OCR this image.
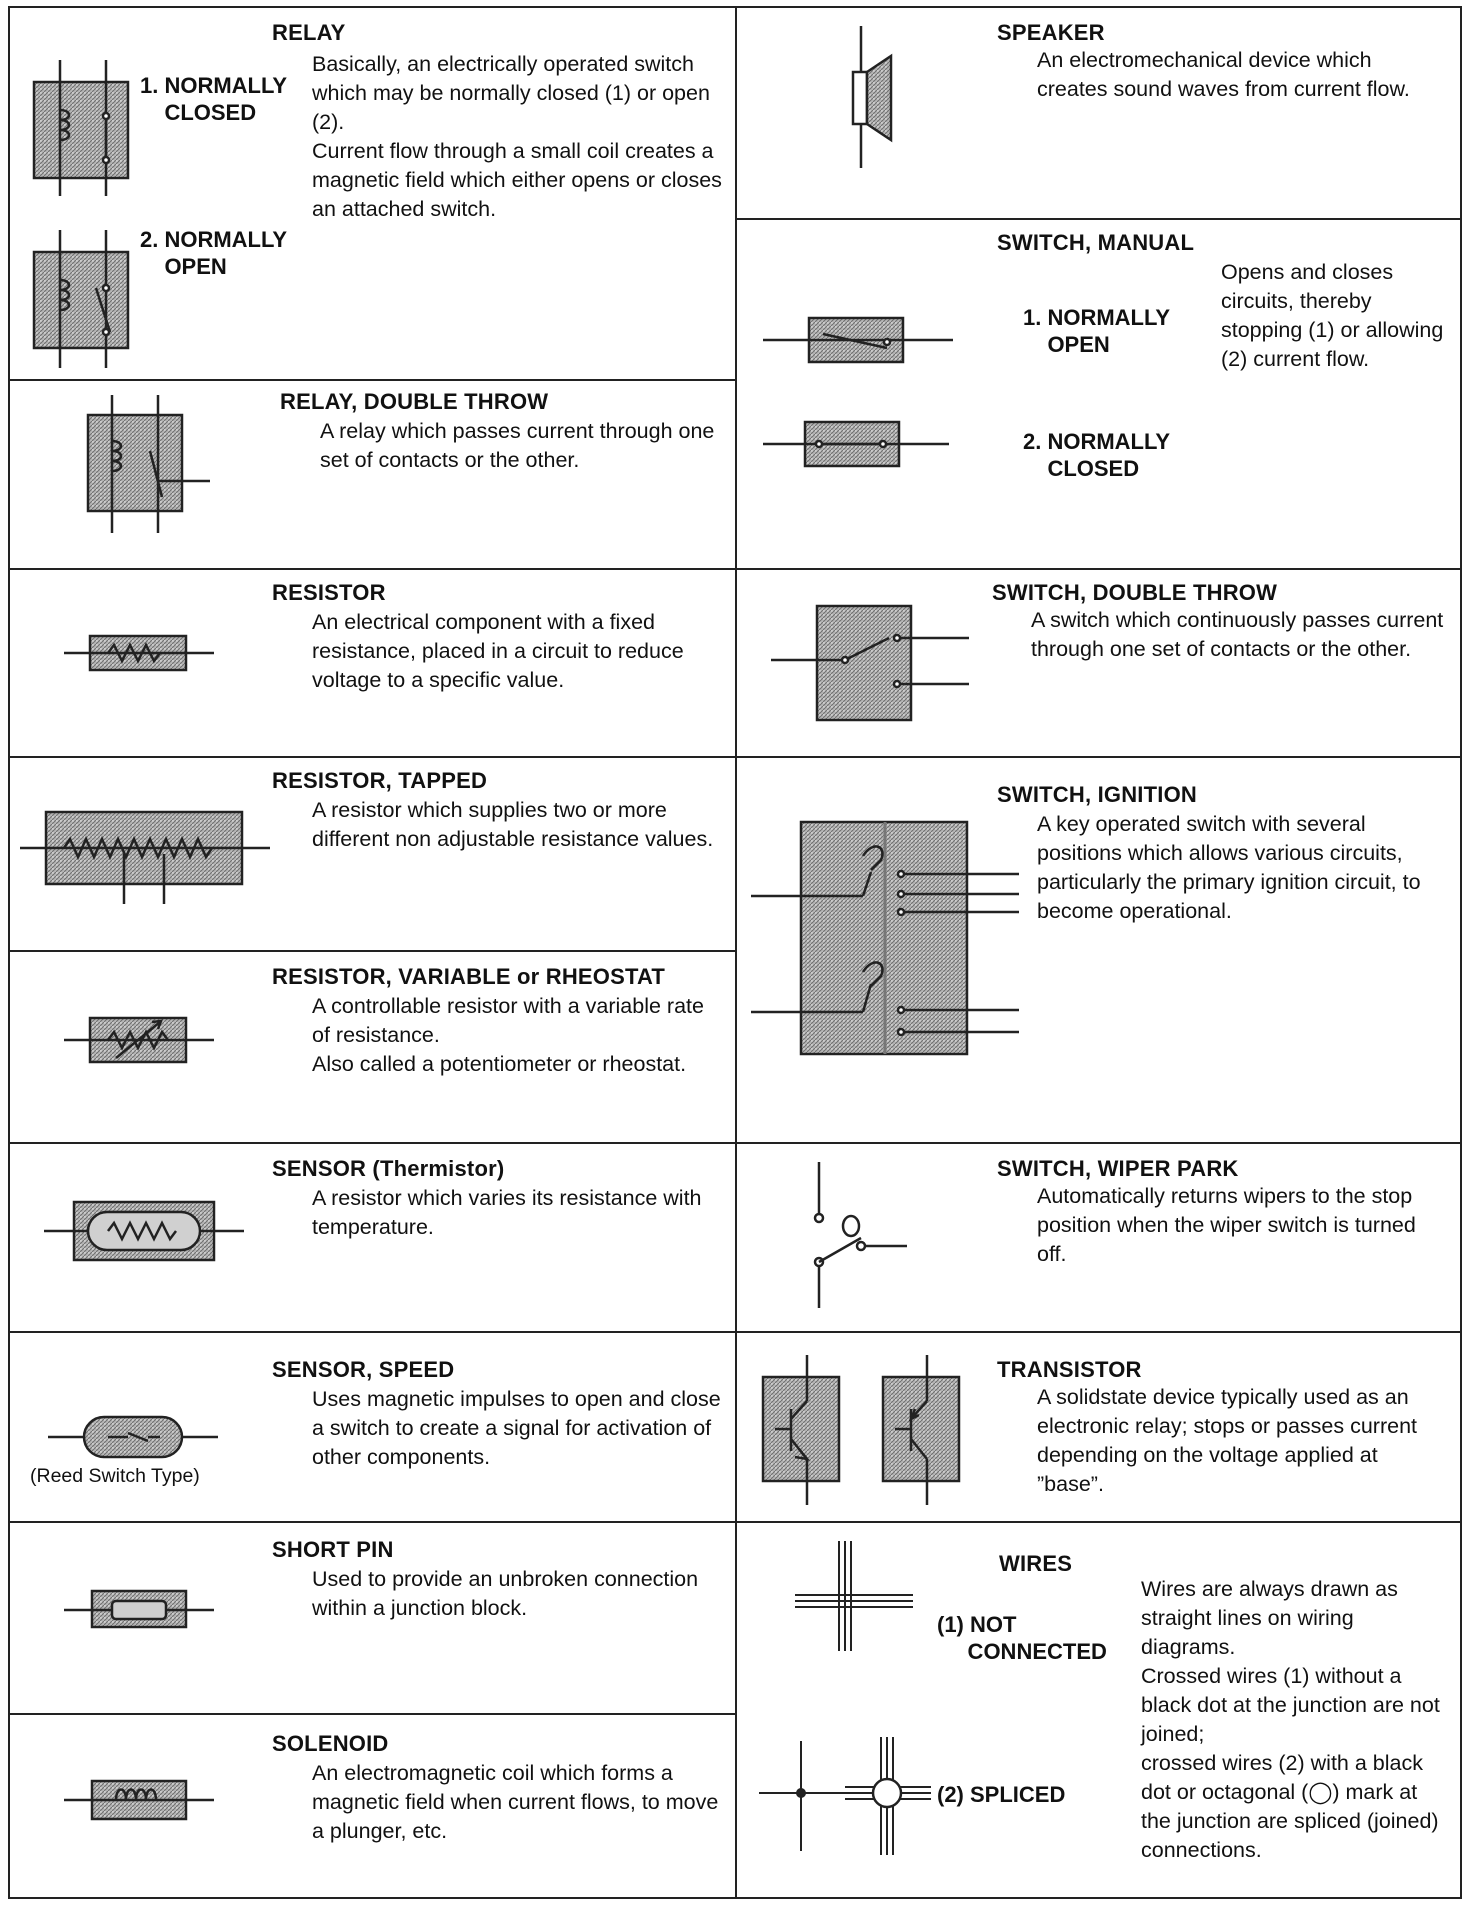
RELAY
1. NORMALLY
CLOSED
2. NORMALLY
OPEN
Basically, an electrically operated switch which may be normally closed (1) or open (2).
Current flow through a small coil creates a magnetic field which either opens or closes an attached switch.
RELAY, DOUBLE THROW
A relay which passes current through one set of contacts or the other.
RESISTOR
An electrical component with a fixed resistance, placed in a circuit to reduce voltage to a specific value.
RESISTOR, TAPPED
A resistor which supplies two or more different non adjustable resistance values.
RESISTOR, VARIABLE or RHEOSTAT
A controllable resistor with a variable rate of resistance.
Also called a potentiometer or rheostat.
SENSOR (Thermistor)
A resistor which varies its resistance with temperature.
SENSOR, SPEED
Uses magnetic impulses to open and close a switch to create a signal for activation of other components.
(Reed Switch Type)
SHORT PIN
Used to provide an unbroken connection within a junction block.
SOLENOID
An electromagnetic coil which forms a magnetic field when current flows, to move a plunger, etc.
SPEAKER
An electromechanical device which creates sound waves from current flow.
SWITCH, MANUAL
1. NORMALLY
OPEN
2. NORMALLY
CLOSED
Opens and closes circuits, thereby stopping (1) or allowing (2) current flow.
SWITCH, DOUBLE THROW
A switch which continuously passes current through one set of contacts or the other.
SWITCH, IGNITION
A key operated switch with several positions which allows various circuits, particularly the primary ignition circuit, to become operational.
SWITCH, WIPER PARK
Automatically returns wipers to the stop position when the wiper switch is turned off.
TRANSISTOR
A solidstate device typically used as an electronic relay; stops or passes current depending on the voltage applied at ”base”.
WIRES
(1) NOT
CONNECTED
(2) SPLICED
Wires are always drawn as straight lines on wiring diagrams.
Crossed wires (1) without a black dot at the junction are not joined;
crossed wires (2) with a black dot or octagonal (◯) mark at the junction are spliced (joined) connections.
